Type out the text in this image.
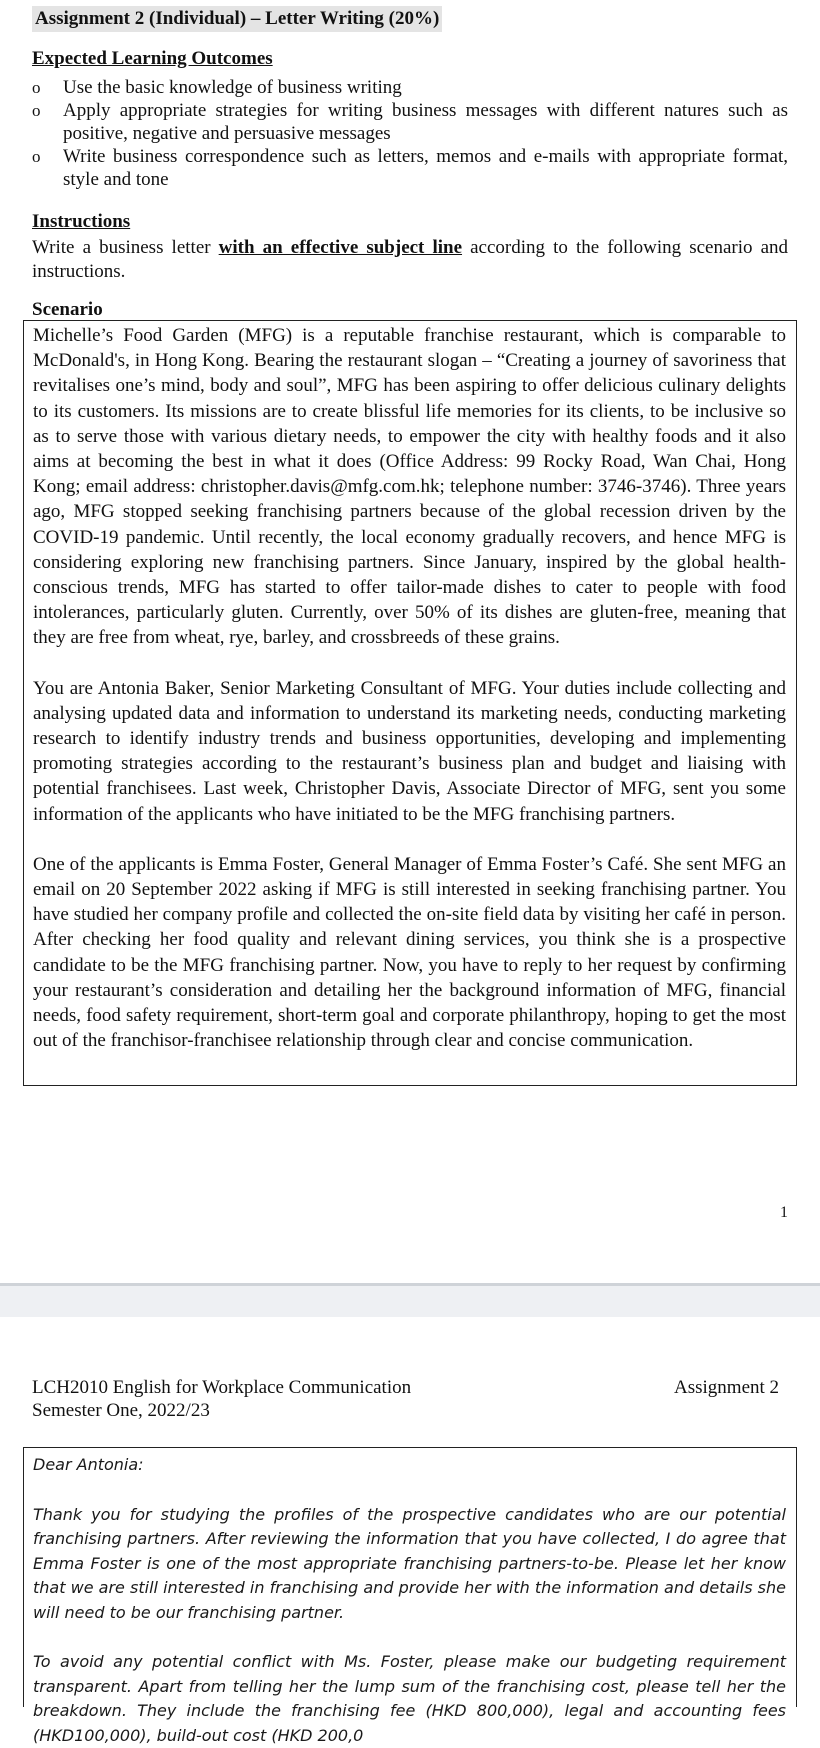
Assignment 2 (Individual) – Letter Writing (20%)
Expected Learning Outcomes
o Use the basic knowledge of business writing
o Apply appropriate strategies for writing business messages with different natures such as positive, negative and persuasive messages
o Write business correspondence such as letters, memos and e-mails with appropriate format, style and tone
Instructions
Write a business letter with an effective subject line according to the following scenario and instructions.
Scenario

Michelle’s Food Garden (MFG) is a reputable franchise restaurant, which is comparable to McDonald's, in Hong Kong. Bearing the restaurant slogan – “Creating a journey of savoriness that revitalises one’s mind, body and soul”, MFG has been aspiring to offer delicious culinary delights to its customers. Its missions are to create blissful life memories for its clients, to be inclusive so as to serve those with various dietary needs, to empower the city with healthy foods and it also aims at becoming the best in what it does (Office Address: 99 Rocky Road, Wan Chai, Hong Kong; email address: christopher.davis@mfg.com.hk; telephone number: 3746-3746). Three years ago, MFG stopped seeking franchising partners because of the global recession driven by the COVID-19 pandemic. Until recently, the local economy gradually recovers, and hence MFG is considering exploring new franchising partners. Since January, inspired by the global health-conscious trends, MFG has started to offer tailor-made dishes to cater to people with food intolerances, particularly gluten. Currently, over 50% of its dishes are gluten-free, meaning that they are free from wheat, rye, barley, and crossbreeds of these grains.

You are Antonia Baker, Senior Marketing Consultant of MFG. Your duties include collecting and analysing updated data and information to understand its marketing needs, conducting marketing research to identify industry trends and business opportunities, developing and implementing promoting strategies according to the restaurant’s business plan and budget and liaising with potential franchisees. Last week, Christopher Davis, Associate Director of MFG, sent you some information of the applicants who have initiated to be the MFG franchising partners.

One of the applicants is Emma Foster, General Manager of Emma Foster’s Café. She sent MFG an email on 20 September 2022 asking if MFG is still interested in seeking franchising partner. You have studied her company profile and collected the on-site field data by visiting her café in person. After checking her food quality and relevant dining services, you think she is a prospective candidate to be the MFG franchising partner. Now, you have to reply to her request by confirming your restaurant’s consideration and detailing her the background information of MFG, financial needs, food safety requirement, short-term goal and corporate philanthropy, hoping to get the most out of the franchisor-franchisee relationship through clear and concise communication.

1
LCH2010 English for Workplace Communication
Semester One, 2022/23
Assignment 2

Dear Antonia:

Thank you for studying the profiles of the prospective candidates who are our potential franchising partners. After reviewing the information that you have collected, I do agree that Emma Foster is one of the most appropriate franchising partners-to-be. Please let her know that we are still interested in franchising and provide her with the information and details she will need to be our franchising partner.

To avoid any potential conflict with Ms. Foster, please make our budgeting requirement transparent. Apart from telling her the lump sum of the franchising cost, please tell her the breakdown. They include the franchising fee (HKD 800,000), legal and accounting fees (HKD100,000), build-out cost (HKD 200,0
